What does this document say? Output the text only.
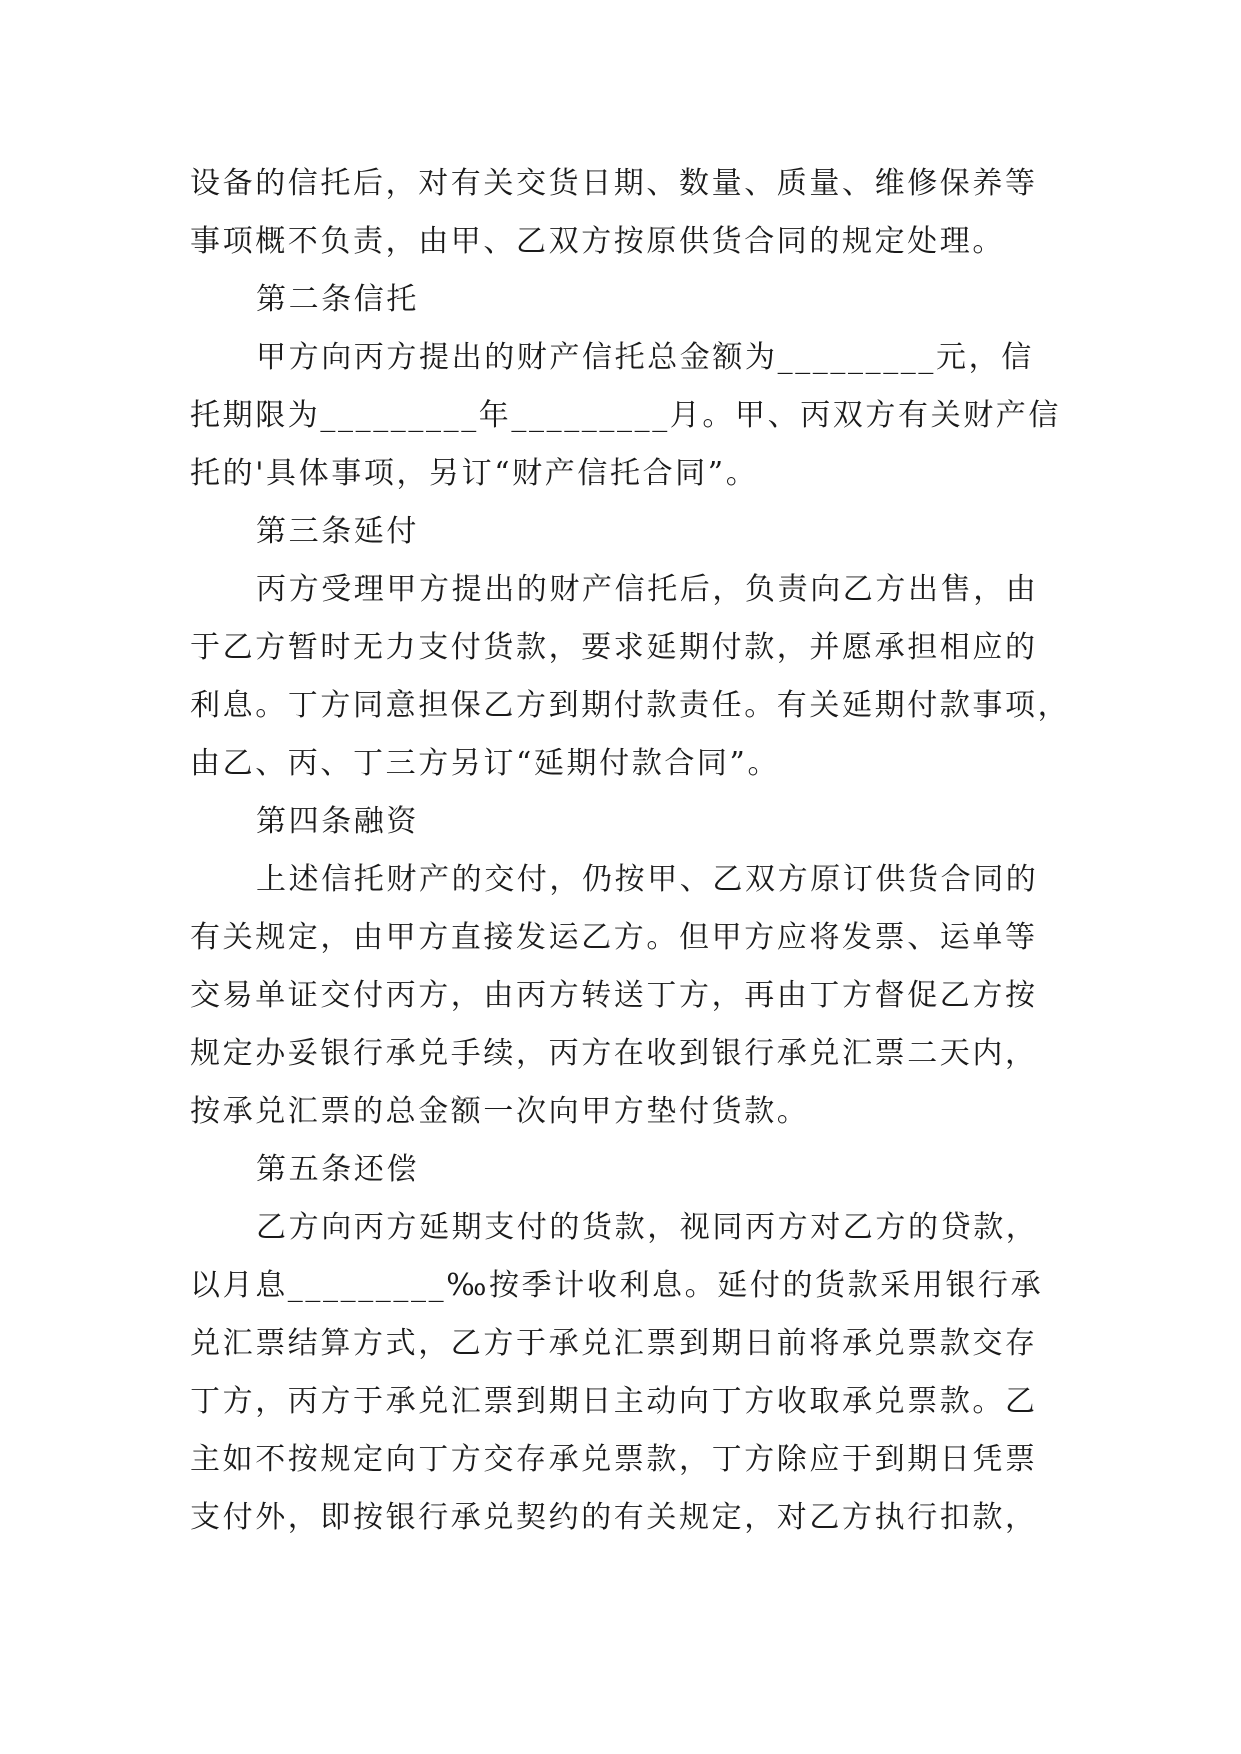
设备的信托后，对有关交货日期、数量、质量、维修保养等
事项概不负责，由甲、乙双方按原供货合同的规定处理。
第二条信托
甲方向丙方提出的财产信托总金额为_________元，信
托期限为_________年_________月。甲、丙双方有关财产信
托的'具体事项，另订“财产信托合同”。
第三条延付
丙方受理甲方提出的财产信托后，负责向乙方出售，由
于乙方暂时无力支付货款，要求延期付款，并愿承担相应的
利息。丁方同意担保乙方到期付款责任。有关延期付款事项，
由乙、丙、丁三方另订“延期付款合同”。
第四条融资
上述信托财产的交付，仍按甲、乙双方原订供货合同的
有关规定，由甲方直接发运乙方。但甲方应将发票、运单等
交易单证交付丙方，由丙方转送丁方，再由丁方督促乙方按
规定办妥银行承兑手续，丙方在收到银行承兑汇票二天内，
按承兑汇票的总金额一次向甲方垫付货款。
第五条还偿
乙方向丙方延期支付的货款，视同丙方对乙方的贷款，
以月息_________‰按季计收利息。延付的货款采用银行承
兑汇票结算方式，乙方于承兑汇票到期日前将承兑票款交存
丁方，丙方于承兑汇票到期日主动向丁方收取承兑票款。乙
主如不按规定向丁方交存承兑票款，丁方除应于到期日凭票
支付外，即按银行承兑契约的有关规定，对乙方执行扣款，
